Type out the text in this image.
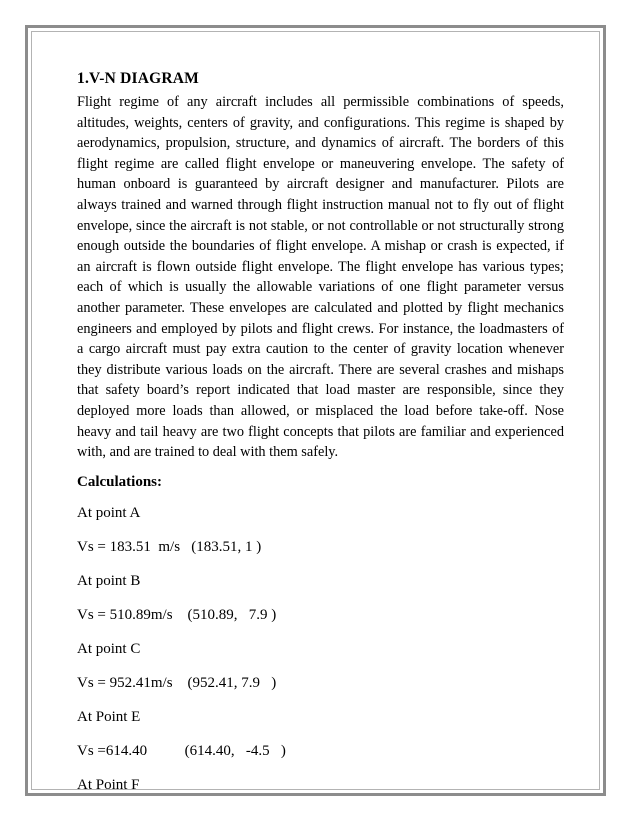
1.V-N DIAGRAM

Flight regime of any aircraft includes all permissible combinations of speeds, altitudes, weights, centers of gravity, and configurations. This regime is shaped by aerodynamics, propulsion, structure, and dynamics of aircraft. The borders of this flight regime are called flight envelope or maneuvering envelope. The safety of human onboard is guaranteed by aircraft designer and manufacturer. Pilots are always trained and warned through flight instruction manual not to fly out of flight envelope, since the aircraft is not stable, or not controllable or not structurally strong enough outside the boundaries of flight envelope. A mishap or crash is expected, if an aircraft is flown outside flight envelope. The flight envelope has various types; each of which is usually the allowable variations of one flight parameter versus another parameter. These envelopes are calculated and plotted by flight mechanics engineers and employed by pilots and flight crews. For instance, the loadmasters of a cargo aircraft must pay extra caution to the center of gravity location whenever they distribute various loads on the aircraft. There are several crashes and mishaps that safety board’s report indicated that load master are responsible, since they deployed more loads than allowed, or misplaced the load before take-off. Nose heavy and tail heavy are two flight concepts that pilots are familiar and experienced with, and are trained to deal with them safely.

Calculations:
At point A
Vs = 183.51  m/s   (183.51, 1 )
At point B
Vs = 510.89m/s    (510.89,   7.9 )
At point C
Vs = 952.41m/s    (952.41, 7.9   )
At Point E
Vs =614.40          (614.40,   -4.5   )
At Point F
